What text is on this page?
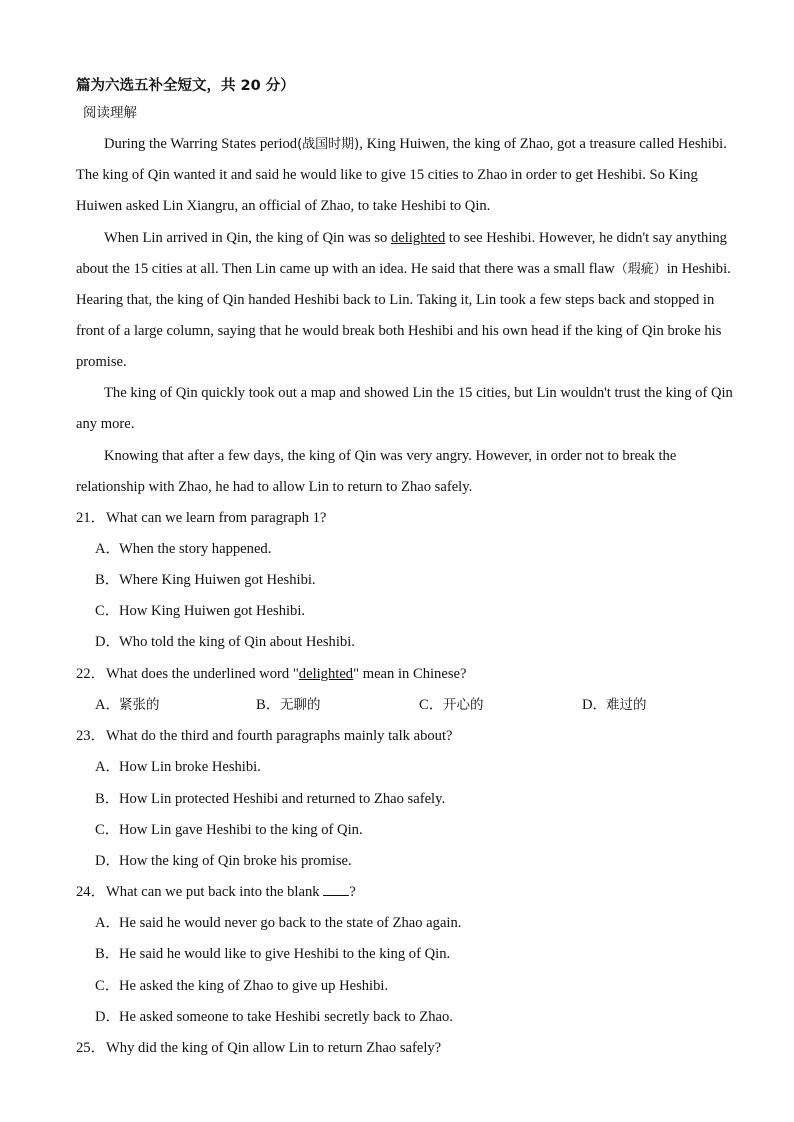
篇为六选五补全短文，共 20 分）
阅读理解
During the Warring States period(战国时期), King Huiwen, the king of Zhao, got a treasure called Heshibi.
The king of Qin wanted it and said he would like to give 15 cities to Zhao in order to get Heshibi. So King
Huiwen asked Lin Xiangru, an official of Zhao, to take Heshibi to Qin.
When Lin arrived in Qin, the king of Qin was so delighted to see Heshibi. However, he didn't say anything
about the 15 cities at all. Then Lin came up with an idea. He said that there was a small flaw（瑕疵）in Heshibi.
Hearing that, the king of Qin handed Heshibi back to Lin. Taking it, Lin took a few steps back and stopped in
front of a large column, saying that he would break both Heshibi and his own head if the king of Qin broke his
promise.
The king of Qin quickly took out a map and showed Lin the 15 cities, but Lin wouldn't trust the king of Qin
any more.
Knowing that after a few days, the king of Qin was very angry. However, in order not to break the
relationship with Zhao, he had to allow Lin to return to Zhao safely.
21．What can we learn from paragraph 1?
A．When the story happened.
B．Where King Huiwen got Heshibi.
C．How King Huiwen got Heshibi.
D．Who told the king of Qin about Heshibi.
22．What does the underlined word "delighted" mean in Chinese?
A．紧张的	B．无聊的	C．开心的	D．难过的
23．What do the third and fourth paragraphs mainly talk about?
A．How Lin broke Heshibi.
B．How Lin protected Heshibi and returned to Zhao safely.
C．How Lin gave Heshibi to the king of Qin.
D．How the king of Qin broke his promise.
24．What can we put back into the blank ?
A．He said he would never go back to the state of Zhao again.
B．He said he would like to give Heshibi to the king of Qin.
C．He asked the king of Zhao to give up Heshibi.
D．He asked someone to take Heshibi secretly back to Zhao.
25．Why did the king of Qin allow Lin to return Zhao safely?
